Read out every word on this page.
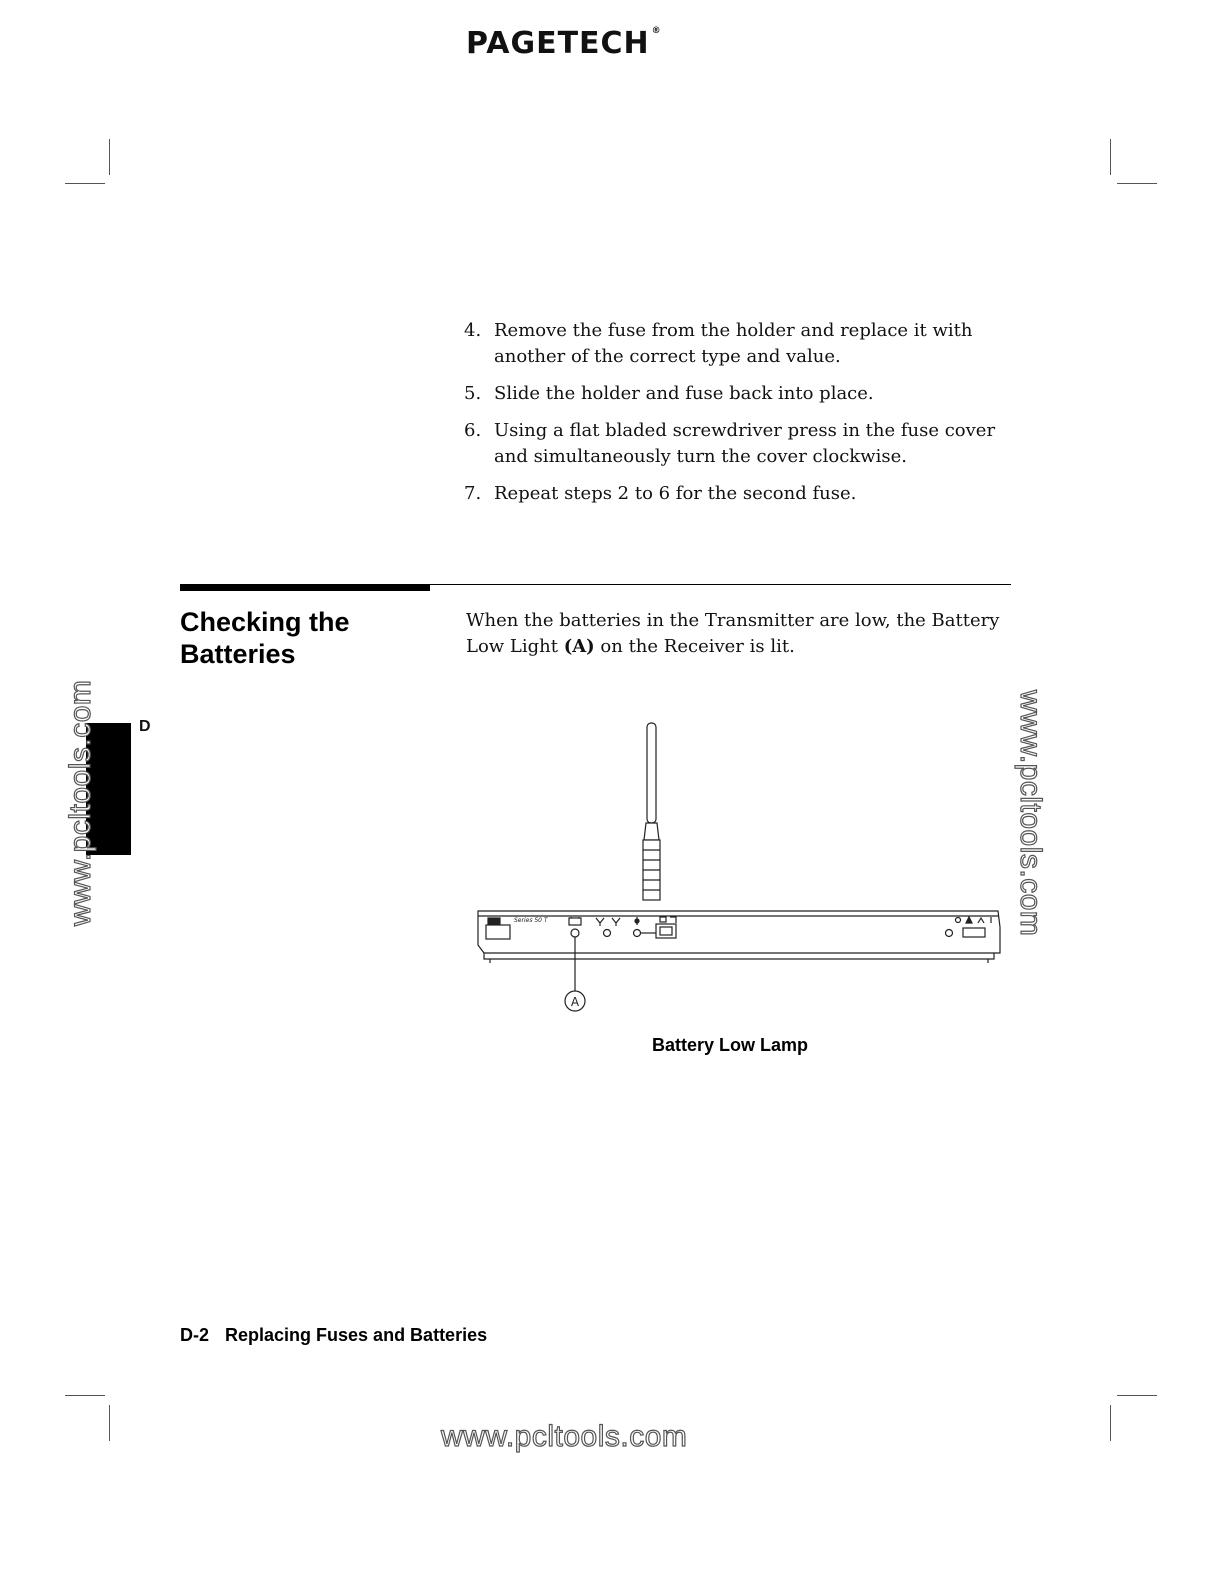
PAGETECH ®
4. Remove the fuse from the holder and replace it with another of the correct type and value.
5. Slide the holder and fuse back into place.
6. Using a flat bladed screwdriver press in the fuse cover and simultaneously turn the cover clockwise.
7. Repeat steps 2 to 6 for the second fuse.
Checking the
Batteries
When the batteries in the Transmitter are low, the Battery Low Light (A) on the Receiver is lit.
D
www.pcltools.com	www.pcltools.com
www.pcltools.com
Series 50 T
A
Battery Low Lamp
D-2 Replacing Fuses and Batteries
